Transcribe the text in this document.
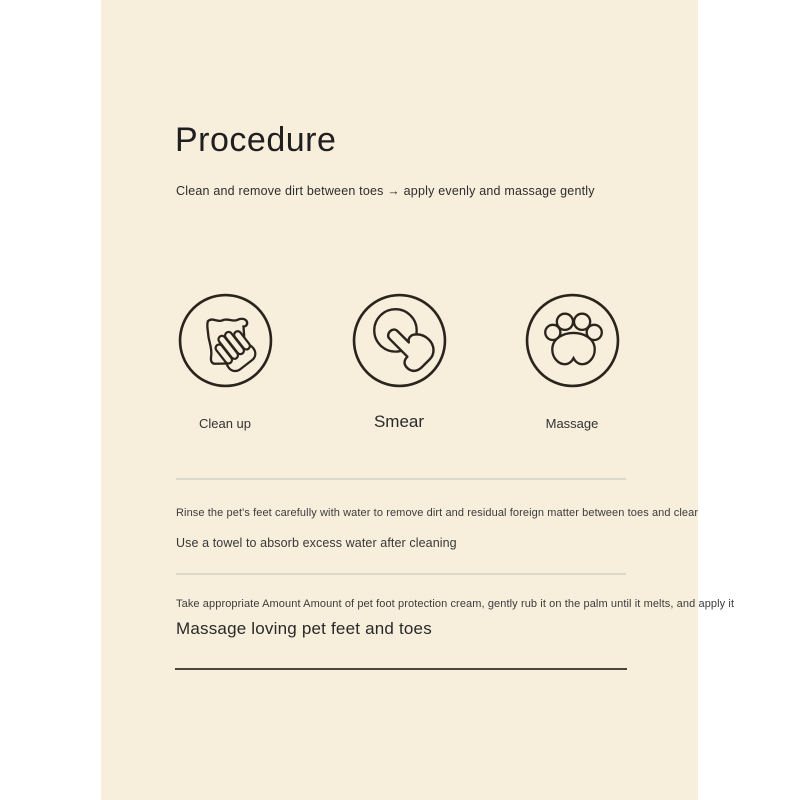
Procedure

Clean and remove dirt between toes → apply evenly and massage gently

Clean up	Smear	Massage

Rinse the pet's feet carefully with water to remove dirt and residual foreign matter between toes and clear

Use a towel to absorb excess water after cleaning

Take appropriate Amount Amount of pet foot protection cream, gently rub it on the palm until it melts, and apply it

Massage loving pet feet and toes
